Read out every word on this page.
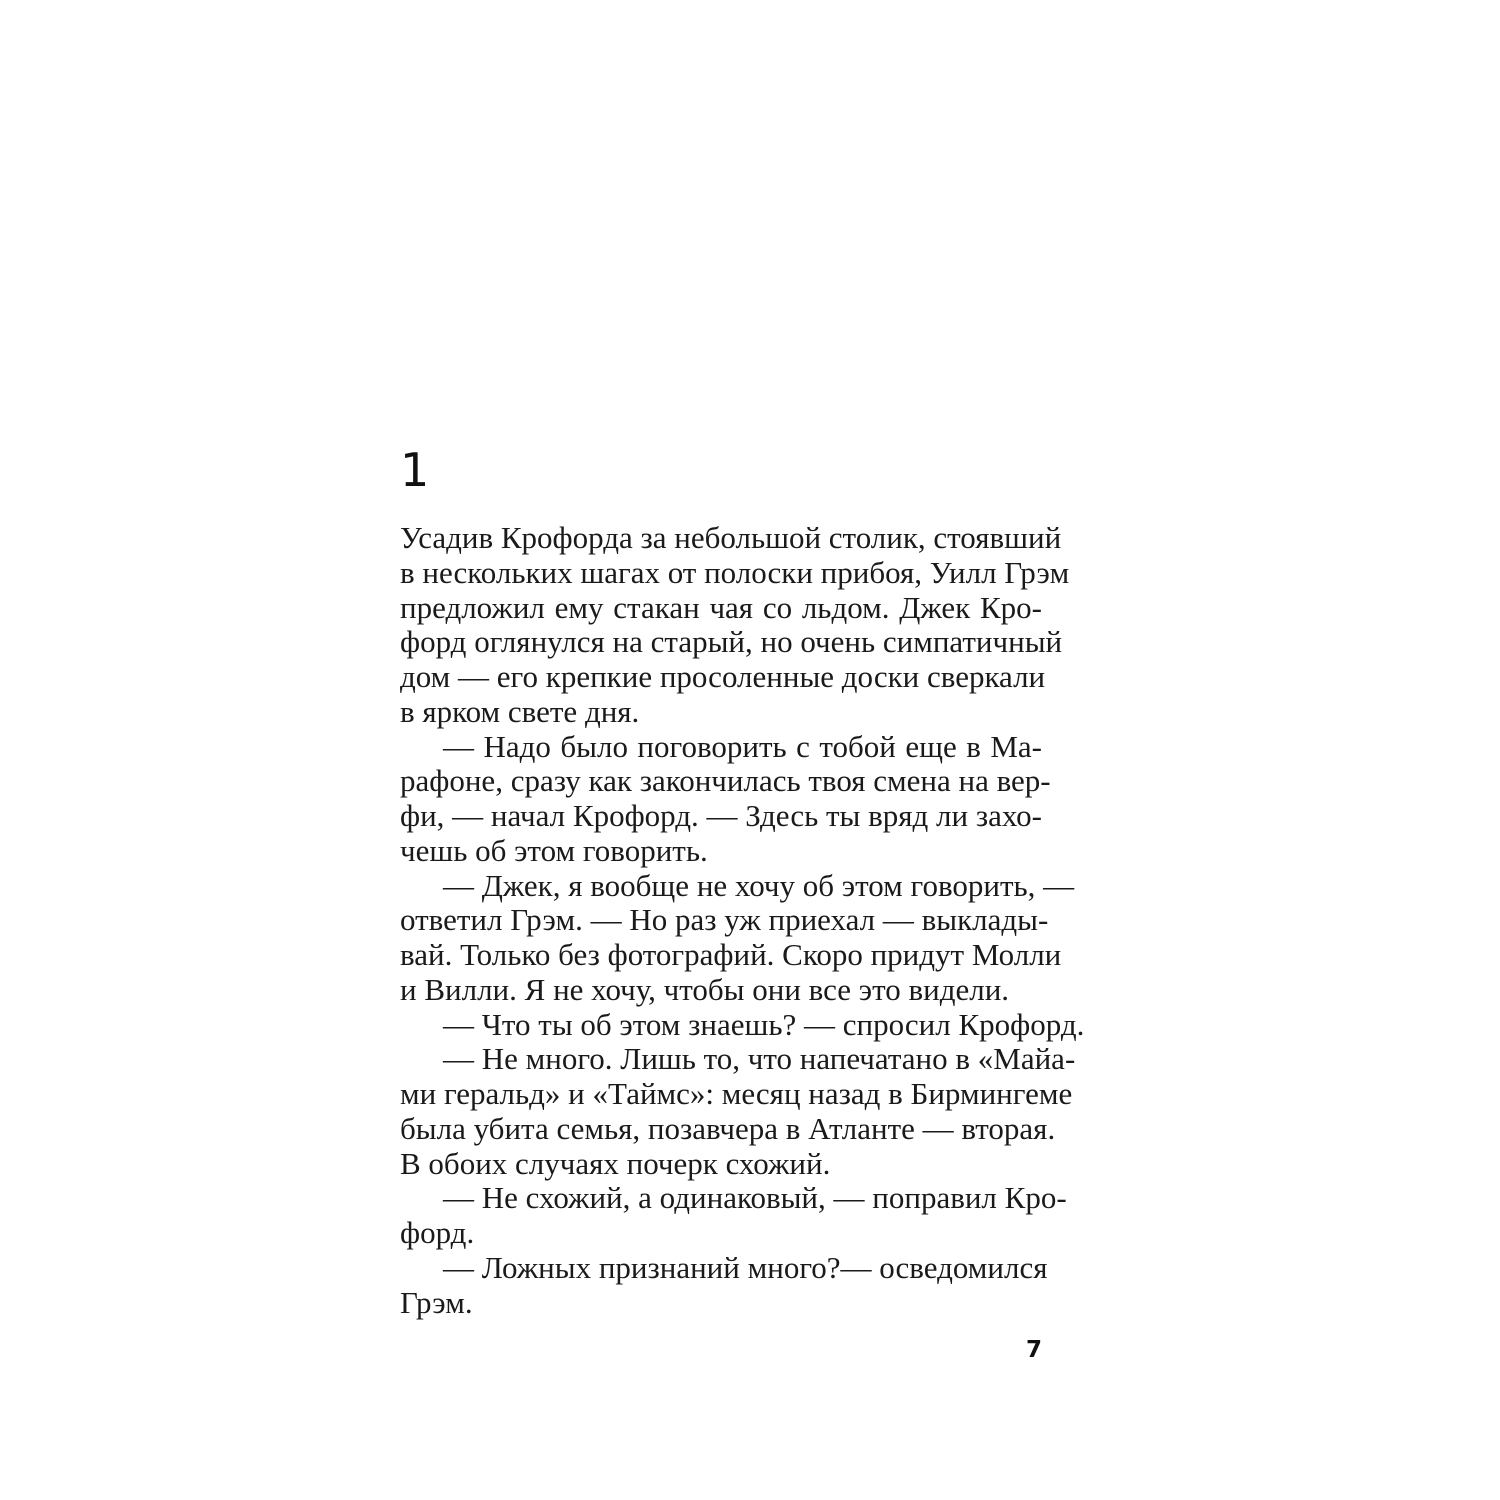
1
Усадив Крофорда за небольшой столик, стоявший
в нескольких шагах от полоски прибоя, Уилл Грэм
предложил ему стакан чая со льдом. Джек Кро-
форд оглянулся на старый, но очень симпатичный
дом — его крепкие просоленные доски сверкали
в ярком свете дня.
— Надо было поговорить с тобой еще в Ма-
рафоне, сразу как закончилась твоя смена на вер-
фи, — начал Крофорд. — Здесь ты вряд ли захо-
чешь об этом говорить.
— Джек, я вообще не хочу об этом говорить, —
ответил Грэм. — Но раз уж приехал — выклады-
вай. Только без фотографий. Скоро придут Молли
и Вилли. Я не хочу, чтобы они все это видели.
— Что ты об этом знаешь? — спросил Крофорд.
— Не много. Лишь то, что напечатано в «Майа-
ми геральд» и «Таймс»: месяц назад в Бирмингеме
была убита семья, позавчера в Атланте — вторая.
В обоих случаях почерк схожий.
— Не схожий, а одинаковый, — поправил Кро-
форд.
— Ложных признаний много?— осведомился
Грэм.
7
